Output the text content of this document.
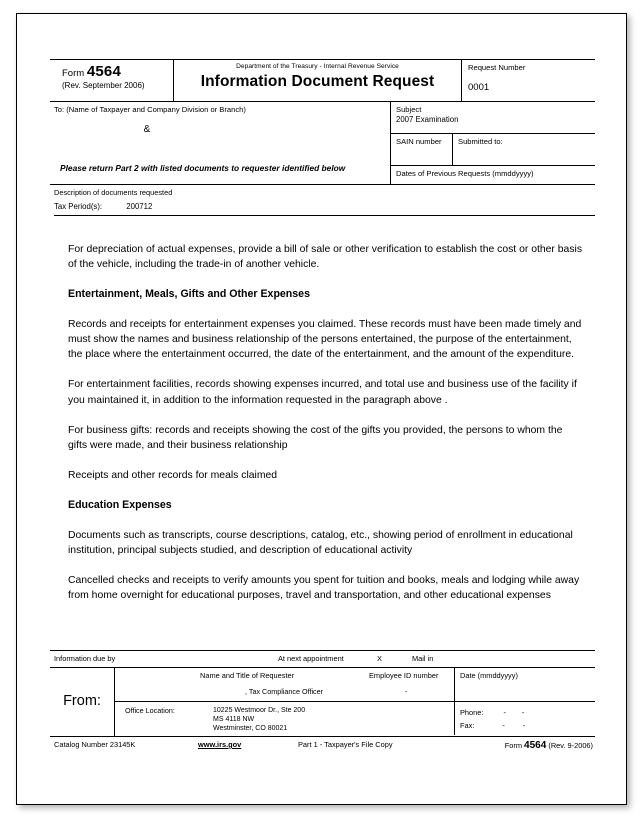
Form 4564
(Rev. September 2006)
Department of the Treasury - Internal Revenue Service
Information Document Request
Request Number
0001
To: (Name of Taxpayer and Company Division or Branch)
&
Please return Part 2 with listed documents to requester identified below
Subject
2007 Examination
SAIN number	Submitted to:
Dates of Previous Requests (mmddyyyy)
Description of documents requested
Tax Period(s):	200712

For depreciation of actual expenses, provide a bill of sale or other verification to establish the cost or other basis of the vehicle, including the trade-in of another vehicle.

Entertainment, Meals, Gifts and Other Expenses

Records and receipts for entertainment expenses you claimed. These records must have been made timely and must show the names and business relationship of the persons entertained, the purpose of the entertainment, the place where the entertainment occurred, the date of the entertainment, and the amount of the expenditure.

For entertainment facilities, records showing expenses incurred, and total use and business use of the facility if you maintained it, in addition to the information requested in the paragraph above .

For business gifts: records and receipts showing the cost of the gifts you provided, the persons to whom the gifts were made, and their business relationship

Receipts and other records for meals claimed

Education Expenses

Documents such as transcripts, course descriptions, catalog, etc., showing period of enrollment in educational institution, principal subjects studied, and description of educational activity

Cancelled checks and receipts to verify amounts you spent for tuition and books, meals and lodging while away from home overnight for educational purposes, travel and transportation, and other educational expenses

Information due by	At next appointment	X	Mail in
From:
Name and Title of Requester
, Tax Compliance Officer
Employee ID number
-
Date (mmddyyyy)
Office Location:	10225 Westmoor Dr., Ste 200
MS 4118 NW
Westminster, CO 80021
Phone:	- -
Fax:	- -
Catalog Number 23145K	www.irs.gov	Part 1 - Taxpayer's File Copy	Form 4564 (Rev. 9-2006)
